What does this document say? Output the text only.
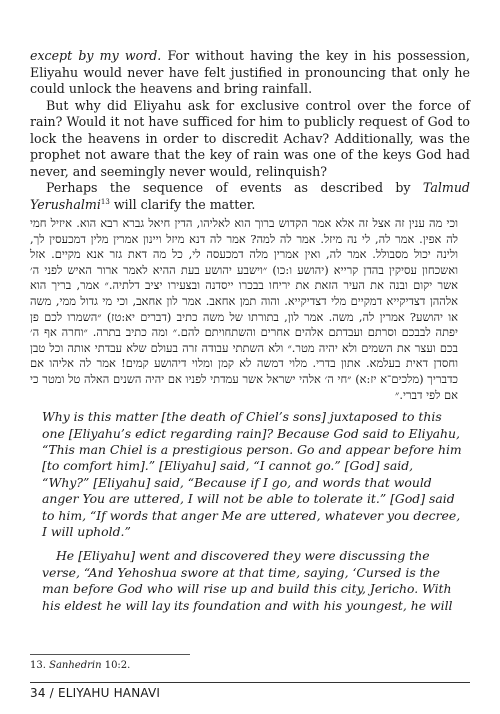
except by my word. For without having the key in his possession, Eliyahu would never have felt justified in pronouncing that only he could unlock the heavens and bring rainfall.

But why did Eliyahu ask for exclusive control over the force of rain? Would it not have sufficed for him to publicly request of God to lock the heavens in order to discredit Achav? Additionally, was the prophet not aware that the key of rain was one of the keys God had never, and seemingly never would, relinquish?

Perhaps the sequence of events as described by Talmud Yerushalmi$^{13}$ will clarify the matter.

וכי מה ענין זה אצל זה אלא אמר הקדוש ברוך הוא לאליהו, הדין חיאל גברא רבא הוא. איזיל חמי לה אפין. אמר לה, לי נה מיזל. אמר לה למה? אמר לה דנא מיזל ויינון אמרין מלין דמכעסין לך, ולינה יכול מסבולל. אמר לה, ואין אמרין מלה דמכעסה לי, כל מה דאת גזר אנא מקיים. אזל ואשכחון עסיקין בהדן קרייא (יהושע ו:כו) ״וישבע יהושע בעת ההיא לאמר ארור האיש לפני ה׳ אשר יקום ובנה את העיר הזאת את יריחו בבכרו ייסדנה ובצעירו יציב דלתיה.״ אמר, בריך הוא אלההן דצדיקייא דמקיים מלי דצדיקייא. והוה תמן אחאב. אמר לון אחאב, וכי מי גדול ממי, משה או יהושע? אמרין לה, משה. אמר לון, בתורתו של משה כתיב (דברים יא:טז) ״השמרו לכם פן יפתה לבבכם וסרתם ועבדתם אלהים אחרים והשתחויתם להם.״ ומה כתיב בתרה. ״וחרה אף ה׳ בכם ועצר את השמים ולא יהיה מטר.״ ולא השתתי עבודה זרה בעולם שלא עבדתי אותה וכל טבן וחסדן דאית בעלמא. אתון בדרי. מלוי דמשה לא קמן ומלוי דיהושע קמים! אמר לה אליהו אם כדבריך (מלכים־א יז:א) ״חי ה׳ אלהי ישראל אשר עמדתי לפניו אם יהיה השנים האלה טל ומטר כי אם לפי דברי.״

Why is this matter [the death of Chiel’s sons] juxtaposed to this one [Eliyahu’s edict regarding rain]? Because God said to Eliyahu, “This man Chiel is a prestigious person. Go and appear before him [to comfort him].” [Eliyahu] said, “I cannot go.” [God] said, “Why?” [Eliyahu] said, “Because if I go, and words that would anger You are uttered, I will not be able to tolerate it.” [God] said to him, “If words that anger Me are uttered, whatever you decree, I will uphold.”

He [Eliyahu] went and discovered they were discussing the verse, “And Yehoshua swore at that time, saying, ‘Cursed is the man before God who will rise up and build this city, Jericho. With his eldest he will lay its foundation and with his youngest, he will

13. Sanhedrin 10:2.

34 / ELIYAHU HANAVI
